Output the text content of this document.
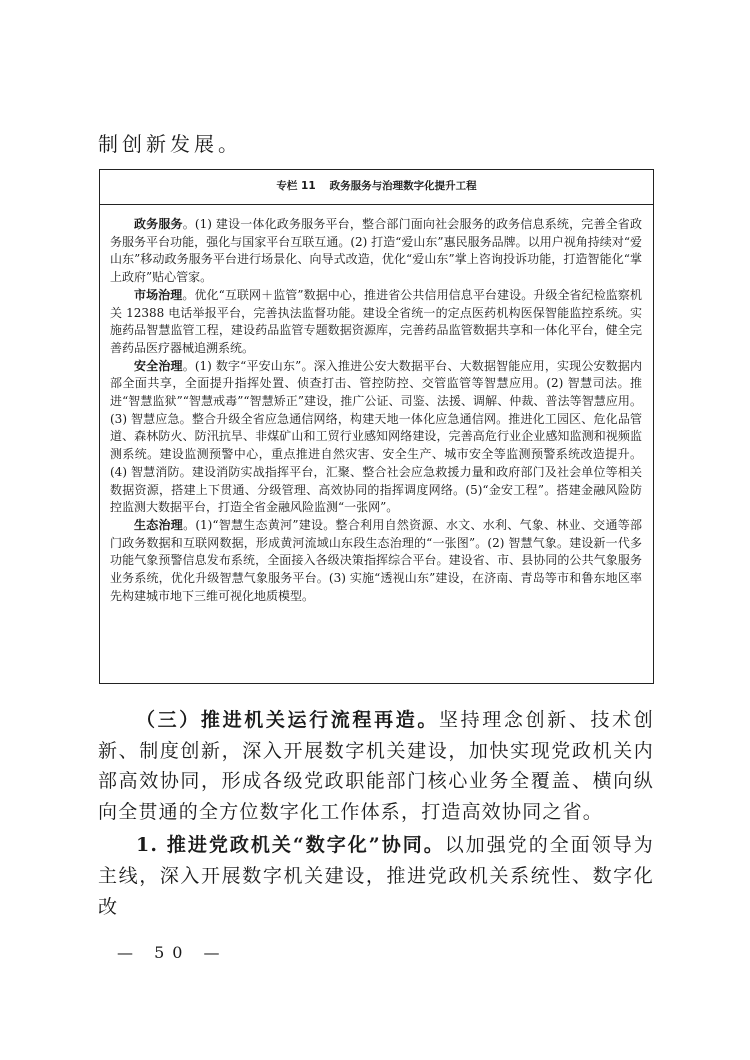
制创新发展。
专栏 11 政务服务与治理数字化提升工程

政务服务。(1) 建设一体化政务服务平台，整合部门面向社会服务的政务信息系统，完善全省政务服务平台功能，强化与国家平台互联互通。(2) 打造“爱山东”惠民服务品牌。以用户视角持续对“爱山东”移动政务服务平台进行场景化、向导式改造，优化“爱山东”掌上咨询投诉功能，打造智能化“掌上政府”贴心管家。

市场治理。优化“互联网＋监管”数据中心，推进省公共信用信息平台建设。升级全省纪检监察机关 12388 电话举报平台，完善执法监督功能。建设全省统一的定点医药机构医保智能监控系统。实施药品智慧监管工程，建设药品监管专题数据资源库，完善药品监管数据共享和一体化平台，健全完善药品医疗器械追溯系统。

安全治理。(1) 数字“平安山东”。深入推进公安大数据平台、大数据智能应用，实现公安数据内部全面共享，全面提升指挥处置、侦查打击、管控防控、交管监管等智慧应用。(2) 智慧司法。推进“智慧监狱”“智慧戒毒”“智慧矫正”建设，推广公证、司鉴、法援、调解、仲裁、普法等智慧应用。(3) 智慧应急。整合升级全省应急通信网络，构建天地一体化应急通信网。推进化工园区、危化品管道、森林防火、防汛抗旱、非煤矿山和工贸行业感知网络建设，完善高危行业企业感知监测和视频监测系统。建设监测预警中心，重点推进自然灾害、安全生产、城市安全等监测预警系统改造提升。(4) 智慧消防。建设消防实战指挥平台，汇聚、整合社会应急救援力量和政府部门及社会单位等相关数据资源，搭建上下贯通、分级管理、高效协同的指挥调度网络。(5)“金安工程”。搭建金融风险防控监测大数据平台，打造全省金融风险监测“一张网”。

生态治理。(1)“智慧生态黄河”建设。整合利用自然资源、水文、水利、气象、林业、交通等部门政务数据和互联网数据，形成黄河流域山东段生态治理的“一张图”。(2) 智慧气象。建设新一代多功能气象预警信息发布系统，全面接入各级决策指挥综合平台。建设省、市、县协同的公共气象服务业务系统，优化升级智慧气象服务平台。(3) 实施“透视山东”建设，在济南、青岛等市和鲁东地区率先构建城市地下三维可视化地质模型。

（三）推进机关运行流程再造。坚持理念创新、技术创新、制度创新，深入开展数字机关建设，加快实现党政机关内部高效协同，形成各级党政职能部门核心业务全覆盖、横向纵向全贯通的全方位数字化工作体系，打造高效协同之省。

1. 推进党政机关“数字化”协同。以加强党的全面领导为主线，深入开展数字机关建设，推进党政机关系统性、数字化改

— 50 —
